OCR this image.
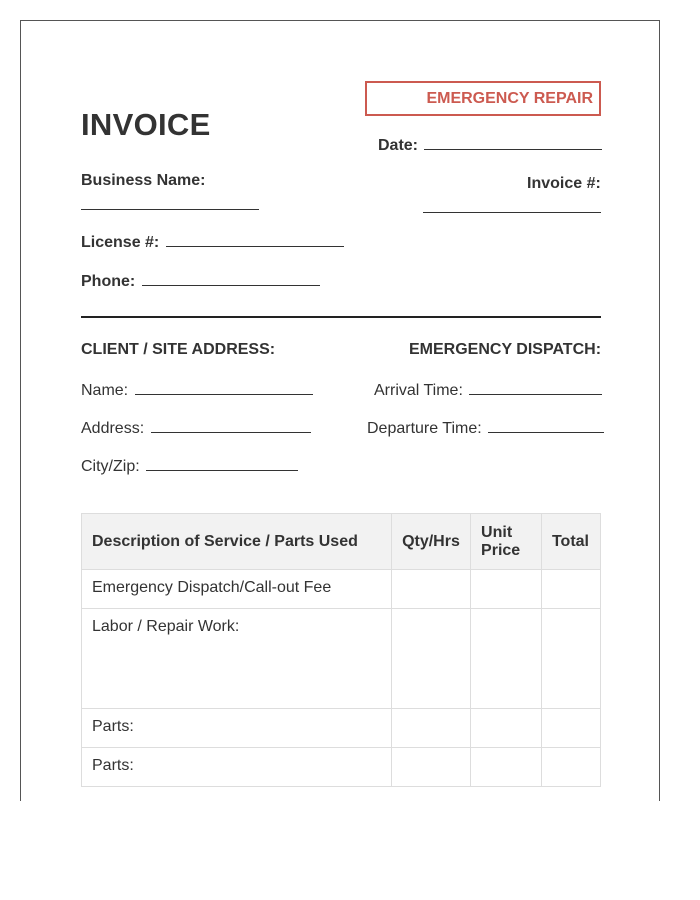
EMERGENCY REPAIR
INVOICE
Date:
Business Name:	Invoice #:
License #:
Phone:
CLIENT / SITE ADDRESS:
Name:
Address:
City/Zip:
EMERGENCY DISPATCH:
Arrival Time:
Departure Time:
Description of Service / Parts Used	Qty/Hrs	Unit Price	Total
Emergency Dispatch/Call-out Fee			
Labor / Repair Work:			
Parts:			
Parts:			
